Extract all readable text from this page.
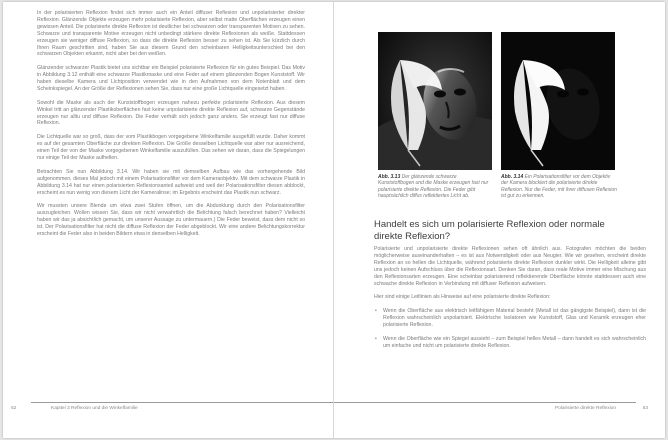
In der polarisierten Reflexion findet sich immer auch ein Anteil diffuser Reflexion und unpolarisierter direkter Reflexion. Glänzende Objekte erzeugen mehr polarisierte Reflexion, aber selbst matte Oberflächen erzeugen einen gewissen Anteil. Die polarisierte direkte Reflexion ist deutlicher bei schwarzen oder transparenten Motiven zu sehen. Schwarze und transparente Motive erzeugen nicht unbedingt stärkere direkte Reflexionen als weiße. Stattdessen erzeugen sie weniger diffuse Reflexion, so dass die direkte Reflexion besser zu sehen ist. Als Sie kürzlich durch Ihren Raum geschritten sind, haben Sie aus diesem Grund den scheinbaren Helligkeitsunterschied bei den schwarzen Objekten erkannt, nicht aber bei den weißen.

Glänzender schwarzer Plastik bietet uns sichtbar ein Beispiel polarisierte Reflexion für ein gutes Beispiel. Das Motiv in Abbildung 3.12 enthält eine schwarze Plastikmaske und eine Feder auf einem glänzenden Bogen Kunststoff. Wir haben dieselbe Kamera und Lichtposition verwendet wie in den Aufnahmen von dem Notenblatt und dem Scheinkspiegel. An der Größe der Reflexionen sehen Sie, dass nur eine große Lichtquelle eingesetzt haben.

Sowohl die Maske als auch der Kunststoffbogen erzeugen nahezu perfekte polarisierte Reflexion. Aus diesem Winkel tritt an glänzender Plastikoberflächen fast keine unpolarisierte direkte Reflexion auf, schwarze Gegenstände erzeugen nur alltu und diffuse Reflexion. Die Feder verhält sich jedoch ganz anders. Sie erzeugt fast nur diffuse Reflexion.

Die Lichtquelle war so groß, dass der vom Plastikbogen vorgegebene Winkelfamilie ausgefüllt wurde. Daher kommt es auf der gesamten Oberfläche zur direkten Reflexion. Die Größe desselben Lichtquelle war aber nur ausreichend, einen Teil der von der Maske vorgegebenen Winkelfamilie auszufüllen. Das sehen wir daran, dass die Spiegelungen nur einige Teil der Maske aufhellen.

Betrachten Sie nun Abbildung 3.14. Wir haben sie mit demselben Aufbau wie das vorhergehende Bild aufgenommen, dieses Mal jedoch mit einem Polarisationsfilter vor dem Kameraobjektiv. Mit dem schwarze Plastik in Abbildung 3.14 hat nur einen polarisierten Reflexionsanteil aufweist und weil der Polarisationsfilter diesen abblockt, erscheint es nun wenig von diesem Licht der Kameralinse; im Ergebnis erscheint das Plastik nun schwarz.

Wir mussten unsere Blende um etwa zwei Stufen öffnen, um die Abdunklung durch den Polarisationsfilter auszugleichen. Wollen wissen Sie, dass wir nicht verwahrtlich die Belichtung falsch berechnet haben? Vielleicht haben wir das ja absichtlich gemacht, um unserer Aussage zu untermauern.) Die Feder beweist, dass dem nicht so ist. Der Polarisationsfilter hat nicht die diffuse Reflexion der Feder abgeblockt. Wir eine andere Belichtungskorrektur erscheint die Feder also in beiden Bildern etwa in denselben Helligkeit.

52	Kapitel 3 Reflexion und die Winkelfamilie
Abb. 3.13 Der glänzende schwarze Kunststoffbogen und die Maske erzeugen fast nur polarisierte direkte Reflexion. Die Feder gibt hauptsächlich diffus reflektiertes Licht ab.
Abb. 3.14 Ein Polarisationsfilter vor dem Objektiv der Kamera blockiert die polarisierte direkte Reflexion. Nur die Feder, mit ihrer diffusen Reflexion ist gut zu erkennen.
Handelt es sich um polarisierte Reflexion oder normale direkte Reflexion?

Polarisierte und unpolarisierte direkte Reflexionen sehen oft ähnlich aus. Fotografen möchten die beiden möglicherweise auseinanderhalten – es ist aus Notwendigkeit oder aus Neugier. Wie wir gesehen, erscheint direkte Reflexion an so hellen die Lichtquelle, während polarisierte direkte Reflexion dunkler wirkt. Die Helligkeit alleine gibt uns jedoch keinen Aufschluss über die Reflexionsart. Denken Sie daran, dass reale Motive immer eine Mischung aus den Reflexionsarten erzeugen. Eine scheinbar polarisierend reflektierende Oberfläche könnte stattdessen auch eine schwache direkte Reflexion in Verbindung mit diffuser Reflexion aufweisen.

Hier sind einige Leitlinien als Hinweise auf eine polarisierte direkte Reflexion:

• Wenn die Oberfläche aus elektrisch leitfähigem Material besteht (Metall ist das gängigste Beispiel), dann ist die Reflexion wahrscheinlich unpolarisiert. Elektrische Isolatoren wie Kunststoff, Glas und Keramik erzeugen eher polarisierte Reflexion.
• Wenn die Oberfläche wie ein Spiegel aussieht – zum Beispiel helles Metall – dann handelt es sich wahrscheinlich um einfache und nicht um polarisierte direkte Reflexion.
Polarisierte direkte Reflexion	53
